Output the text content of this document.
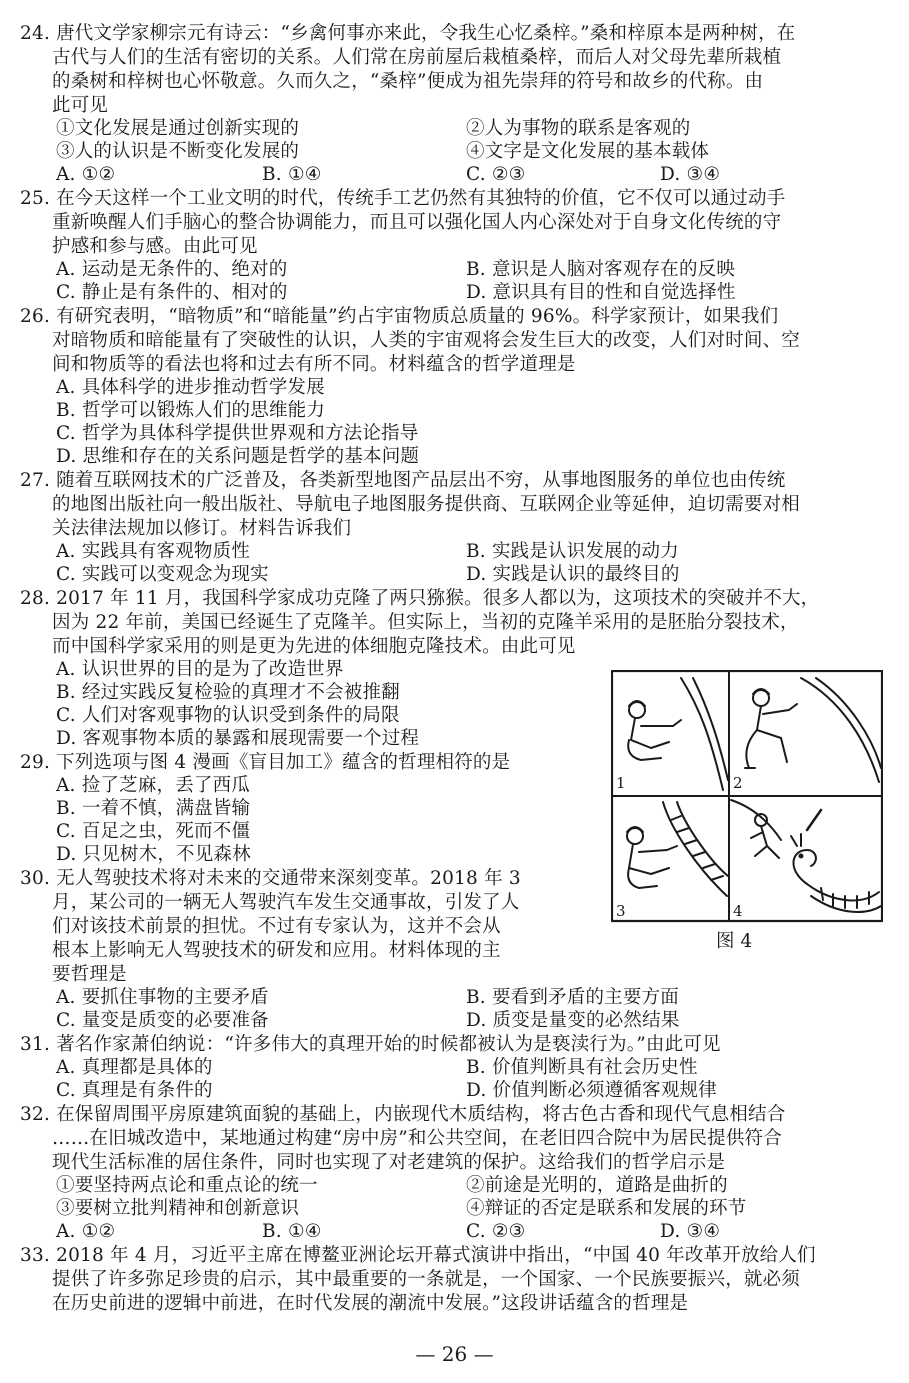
24. 唐代文学家柳宗元有诗云：“乡禽何事亦来此，令我生心忆桑梓。”桑和梓原本是两种树，在
古代与人们的生活有密切的关系。人们常在房前屋后栽植桑梓，而后人对父母先辈所栽植
的桑树和梓树也心怀敬意。久而久之，“桑梓”便成为祖先崇拜的符号和故乡的代称。由
此可见
①文化发展是通过创新实现的	②人为事物的联系是客观的
③人的认识是不断变化发展的	④文字是文化发展的基本载体
A. ①②	B. ①④	C. ②③	D. ③④
25. 在今天这样一个工业文明的时代，传统手工艺仍然有其独特的价值，它不仅可以通过动手
重新唤醒人们手脑心的整合协调能力，而且可以强化国人内心深处对于自身文化传统的守
护感和参与感。由此可见
A. 运动是无条件的、绝对的	B. 意识是人脑对客观存在的反映
C. 静止是有条件的、相对的	D. 意识具有目的性和自觉选择性
26. 有研究表明，“暗物质”和“暗能量”约占宇宙物质总质量的 96%。科学家预计，如果我们
对暗物质和暗能量有了突破性的认识，人类的宇宙观将会发生巨大的改变，人们对时间、空
间和物质等的看法也将和过去有所不同。材料蕴含的哲学道理是
A. 具体科学的进步推动哲学发展
B. 哲学可以锻炼人们的思维能力
C. 哲学为具体科学提供世界观和方法论指导
D. 思维和存在的关系问题是哲学的基本问题
27. 随着互联网技术的广泛普及，各类新型地图产品层出不穷，从事地图服务的单位也由传统
的地图出版社向一般出版社、导航电子地图服务提供商、互联网企业等延伸，迫切需要对相
关法律法规加以修订。材料告诉我们
A. 实践具有客观物质性	B. 实践是认识发展的动力
C. 实践可以变观念为现实	D. 实践是认识的最终目的
28. 2017 年 11 月，我国科学家成功克隆了两只猕猴。很多人都以为，这项技术的突破并不大，
因为 22 年前，美国已经诞生了克隆羊。但实际上，当初的克隆羊采用的是胚胎分裂技术，
而中国科学家采用的则是更为先进的体细胞克隆技术。由此可见
A. 认识世界的目的是为了改造世界
B. 经过实践反复检验的真理才不会被推翻
C. 人们对客观事物的认识受到条件的局限
D. 客观事物本质的暴露和展现需要一个过程
29. 下列选项与图 4 漫画《盲目加工》蕴含的哲理相符的是
A. 捡了芝麻，丢了西瓜
B. 一着不慎，满盘皆输
C. 百足之虫，死而不僵
D. 只见树木，不见森林
30. 无人驾驶技术将对未来的交通带来深刻变革。2018 年 3
月，某公司的一辆无人驾驶汽车发生交通事故，引发了人
们对该技术前景的担忧。不过有专家认为，这并不会从
根本上影响无人驾驶技术的研发和应用。材料体现的主
要哲理是
A. 要抓住事物的主要矛盾	B. 要看到矛盾的主要方面
C. 量变是质变的必要准备	D. 质变是量变的必然结果
31. 著名作家萧伯纳说：“许多伟大的真理开始的时候都被认为是亵渎行为。”由此可见
A. 真理都是具体的	B. 价值判断具有社会历史性
C. 真理是有条件的	D. 价值判断必须遵循客观规律
32. 在保留周围平房原建筑面貌的基础上，内嵌现代木质结构，将古色古香和现代气息相结合
……在旧城改造中，某地通过构建“房中房”和公共空间，在老旧四合院中为居民提供符合
现代生活标准的居住条件，同时也实现了对老建筑的保护。这给我们的哲学启示是
①要坚持两点论和重点论的统一	②前途是光明的，道路是曲折的
③要树立批判精神和创新意识	④辩证的否定是联系和发展的环节
A. ①②	B. ①④	C. ②③	D. ③④
33. 2018 年 4 月，习近平主席在博鳌亚洲论坛开幕式演讲中指出，“中国 40 年改革开放给人们
提供了许多弥足珍贵的启示，其中最重要的一条就是，一个国家、一个民族要振兴，就必须
在历史前进的逻辑中前进，在时代发展的潮流中发展。”这段讲话蕴含的哲理是
1	2
3	4
图 4
— 26 —
